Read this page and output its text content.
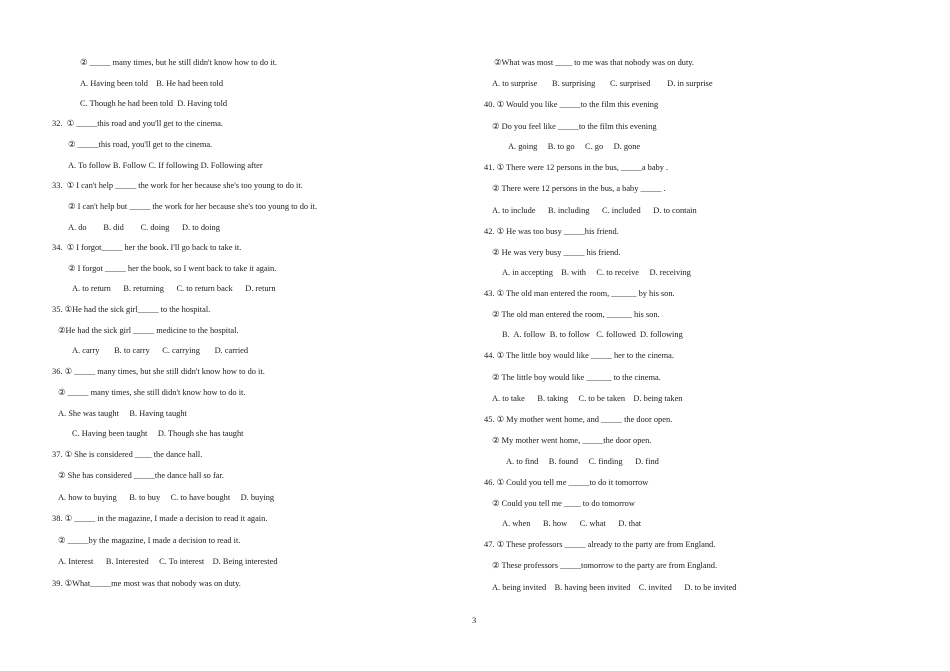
② _____ many times, but he still didn't know how to do it.
A. Having been told    B. He had been told
C. Though he had been told  D. Having told
32.  ① _____this road and you'll get to the cinema.
② _____this road, you'll get to the cinema.
A. To follow B. Follow C. If following D. Following after
33.  ① I can't help _____ the work for her because she's too young to do it.
② I can't help but _____ the work for her because she's too young to do it.
A. do        B. did        C. doing      D. to doing
34.  ① I forgot_____ her the book. I'll go back to take it.
② I forgot _____ her the book, so I went back to take it again.
A. to return      B. returning      C. to return back      D. return
35. ①He had the sick girl_____ to the hospital.
②He had the sick girl _____ medicine to the hospital.
A. carry       B. to carry      C. carrying       D. carried
36. ① _____ many times, but she still didn't know how to do it.
② _____ many times, she still didn't know how to do it.
A. She was taught     B. Having taught
C. Having been taught     D. Though she has taught
37. ① She is considered ____ the dance hall.
② She has considered _____the dance hall so far.
A. how to buying      B. to buy     C. to have bought     D. buying
38. ① _____ in the magazine, I made a decision to read it again.
② _____by the magazine, I made a decision to read it.
A. Interest      B. Interested     C. To interest    D. Being interested
39. ①What_____me most was that nobody was on duty.
②What was most ____ to me was that nobody was on duty.
A. to surprise       B. surprising       C. surprised        D. in surprise
40. ① Would you like _____to the film this evening
② Do you feel like _____to the film this evening
A. going     B. to go     C. go     D. gone
41. ① There were 12 persons in the bus, _____a baby .
② There were 12 persons in the bus, a baby _____ .
A. to include      B. including      C. included      D. to contain
42. ① He was too busy _____his friend.
② He was very busy _____ his friend.
A. in accepting    B. with     C. to receive     D. receiving
43. ① The old man entered the room, ______ by his son.
② The old man entered the room, ______ his son.
B.  A. follow  B. to follow   C. followed  D. following
44. ① The little boy would like _____ her to the cinema.
② The little boy would like ______ to the cinema.
A. to take      B. taking     C. to be taken    D. being taken
45. ① My mother went home, and _____ the door open.
② My mother went home, _____the door open.
A. to find     B. found     C. finding      D. find
46. ① Could you tell me _____to do it tomorrow
② Could you tell me ____ to do tomorrow
A. when      B. how      C. what      D. that
47. ① These professors _____ already to the party are from England.
② These professors _____tomorrow to the party are from England.
A. being invited    B. having been invited    C. invited      D. to be invited
3
